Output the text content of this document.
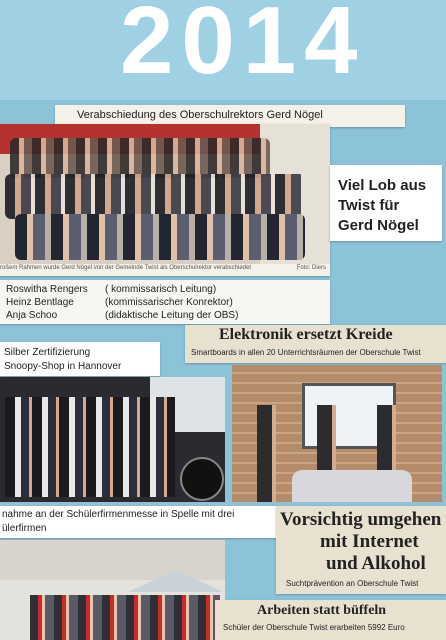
2014
Verabschiedung des Oberschulrektors Gerd Nögel
roßem Rahmen wurde Gerd Nögel von der Gemeinde Twist als Oberschulrektor verabschiedet	Foto: Diers
Viel Lob aus
Twist für
Gerd Nögel
Roswitha Rengers ( kommissarisch Leitung)
Heinz Bentlage	(kommissarischer Konrektor)
Anja Schoo	(didaktische Leitung der OBS)
Silber Zertifizierung
Snoopy-Shop in Hannover
Elektronik ersetzt Kreide
Smartboards in allen 20 Unterrichtsräumen der Oberschule Twist
nahme an der Schülerfirmenmesse in Spelle mit drei
ülerfirmen	Vorsichtig umgehen
mit Internet
und Alkohol
Suchtprävention an Oberschule Twist
Arbeiten statt büffeln
Schüler der Oberschule Twist erarbeiten 5992 Euro
